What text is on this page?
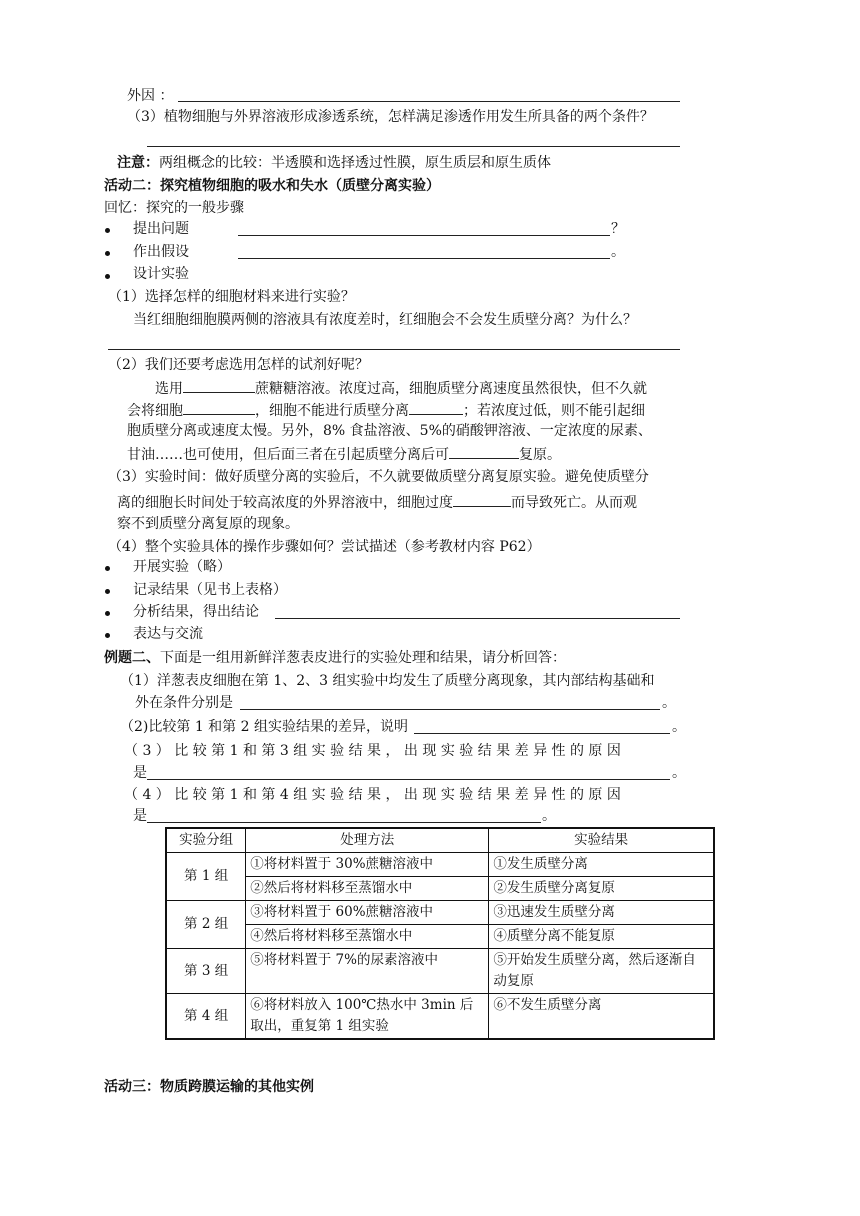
外因 ：
（3）植物细胞与外界溶液形成渗透系统，怎样满足渗透作用发生所具备的两个条件？
注意：两组概念的比较：半透膜和选择透过性膜，原生质层和原生质体
活动二：探究植物细胞的吸水和失水（质壁分离实验）
回忆：探究的一般步骤
提出问题	？
作出假设	。
设计实验
（1）选择怎样的细胞材料来进行实验？
当红细胞细胞膜两侧的溶液具有浓度差时，红细胞会不会发生质壁分离？为什么？
（2）我们还要考虑选用怎样的试剂好呢？
选用	蔗糖糖溶液。浓度过高，细胞质壁分离速度虽然很快，但不久就
会将细胞	，细胞不能进行质壁分离	；若浓度过低，则不能引起细
胞质壁分离或速度太慢。另外，8% 食盐溶液、5%的硝酸钾溶液、一定浓度的尿素、
甘油……也可使用，但后面三者在引起质壁分离后可	复原。
（3）实验时间：做好质壁分离的实验后，不久就要做质壁分离复原实验。避免使质壁分
离的细胞长时间处于较高浓度的外界溶液中，细胞过度	而导致死亡。从而观
察不到质壁分离复原的现象。
（4）整个实验具体的操作步骤如何？尝试描述（参考教材内容 P62）
开展实验（略）
记录结果（见书上表格）
分析结果，得出结论
表达与交流
例题二、下面是一组用新鲜洋葱表皮进行的实验处理和结果，请分析回答：
（1）洋葱表皮细胞在第 1、2、3 组实验中均发生了质壁分离现象，其内部结构基础和
外在条件分别是	。
（2)比较第 1 和第 2 组实验结果的差异，说明	。
（ 3 ） 比 较 第 1 和 第 3 组 实 验 结 果 ， 出 现 实 验 结 果 差 异 性 的 原 因
是	。
（ 4 ） 比 较 第 1 和 第 4 组 实 验 结 果 ， 出 现 实 验 结 果 差 异 性 的 原 因
是	。
实验分组	处理方法	实验结果
第 1 组	①将材料置于 30%蔗糖溶液中	①发生质壁分离
	②然后将材料移至蒸馏水中	②发生质壁分离复原
第 2 组	③将材料置于 60%蔗糖溶液中	③迅速发生质壁分离
	④然后将材料移至蒸馏水中	④质壁分离不能复原
第 3 组	⑤将材料置于 7%的尿素溶液中	⑤开始发生质壁分离，然后逐渐自动复原
第 4 组	⑥将材料放入 100℃热水中 3min 后取出，重复第 1 组实验	⑥不发生质壁分离
活动三：物质跨膜运输的其他实例
